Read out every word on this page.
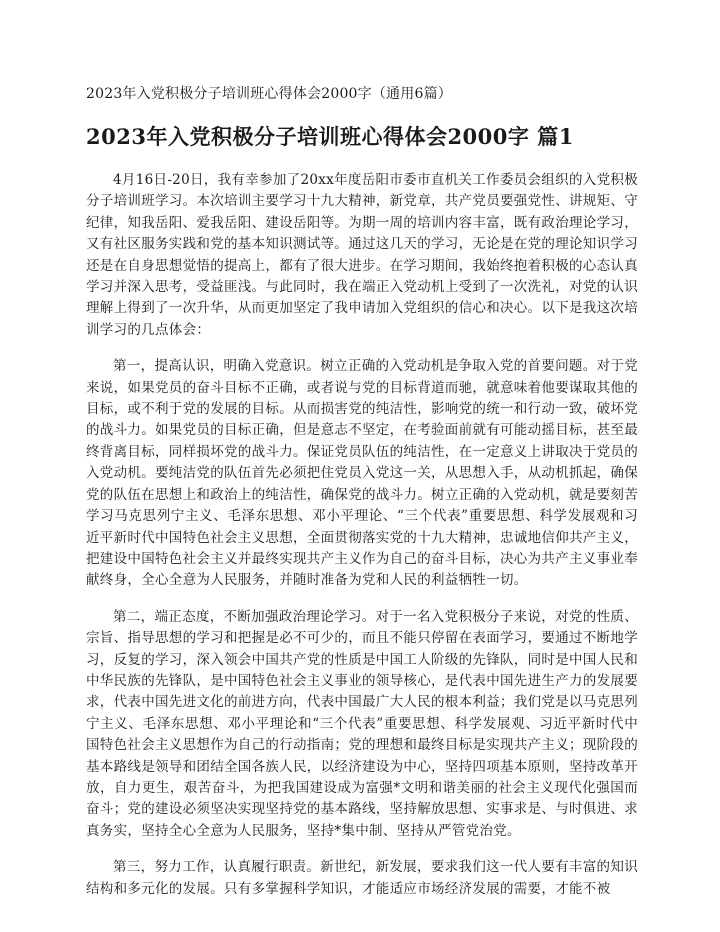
2023年入党积极分子培训班心得体会2000字（通用6篇）
2023年入党积极分子培训班心得体会2000字 篇1

4月16日-20日，我有幸参加了20xx年度岳阳市委市直机关工作委员会组织的入党积极分子培训班学习。本次培训主要学习十九大精神，新党章，共产党员要强党性、讲规矩、守纪律，知我岳阳、爱我岳阳、建设岳阳等。为期一周的培训内容丰富，既有政治理论学习，又有社区服务实践和党的基本知识测试等。通过这几天的学习，无论是在党的理论知识学习还是在自身思想觉悟的提高上，都有了很大进步。在学习期间，我始终抱着积极的心态认真学习并深入思考，受益匪浅。与此同时，我在端正入党动机上受到了一次洗礼，对党的认识理解上得到了一次升华，从而更加坚定了我申请加入党组织的信心和决心。以下是我这次培训学习的几点体会：

第一，提高认识，明确入党意识。树立正确的入党动机是争取入党的首要问题。对于党来说，如果党员的奋斗目标不正确，或者说与党的目标背道而驰，就意味着他要谋取其他的目标，或不利于党的发展的目标。从而损害党的纯洁性，影响党的统一和行动一致，破坏党的战斗力。如果党员的目标正确，但是意志不坚定，在考验面前就有可能动摇目标，甚至最终背离目标，同样损坏党的战斗力。保证党员队伍的纯洁性，在一定意义上讲取决于党员的入党动机。要纯洁党的队伍首先必须把住党员入党这一关，从思想入手，从动机抓起，确保党的队伍在思想上和政治上的纯洁性，确保党的战斗力。树立正确的入党动机，就是要刻苦学习马克思列宁主义、毛泽东思想、邓小平理论、“三个代表”重要思想、科学发展观和习近平新时代中国特色社会主义思想，全面贯彻落实党的十九大精神，忠诚地信仰共产主义，把建设中国特色社会主义并最终实现共产主义作为自己的奋斗目标，决心为共产主义事业奉献终身，全心全意为人民服务，并随时准备为党和人民的利益牺牲一切。

第二，端正态度，不断加强政治理论学习。对于一名入党积极分子来说，对党的性质、宗旨、指导思想的学习和把握是必不可少的，而且不能只停留在表面学习，要通过不断地学习，反复的学习，深入领会中国共产党的性质是中国工人阶级的先锋队，同时是中国人民和中华民族的先锋队，是中国特色社会主义事业的领导核心，是代表中国先进生产力的发展要求，代表中国先进文化的前进方向，代表中国最广大人民的根本利益；我们党是以马克思列宁主义、毛泽东思想、邓小平理论和“三个代表”重要思想、科学发展观、习近平新时代中国特色社会主义思想作为自己的行动指南；党的理想和最终目标是实现共产主义；现阶段的基本路线是领导和团结全国各族人民，以经济建设为中心，坚持四项基本原则，坚持改革开放，自力更生，艰苦奋斗，为把我国建设成为富强*文明和谐美丽的社会主义现代化强国而奋斗；党的建设必须坚决实现坚持党的基本路线，坚持解放思想、实事求是、与时俱进、求真务实，坚持全心全意为人民服务，坚持*集中制、坚持从严管党治党。

第三，努力工作，认真履行职责。新世纪，新发展，要求我们这一代人要有丰富的知识结构和多元化的发展。只有多掌握科学知识，才能适应市场经济发展的需要，才能不被
